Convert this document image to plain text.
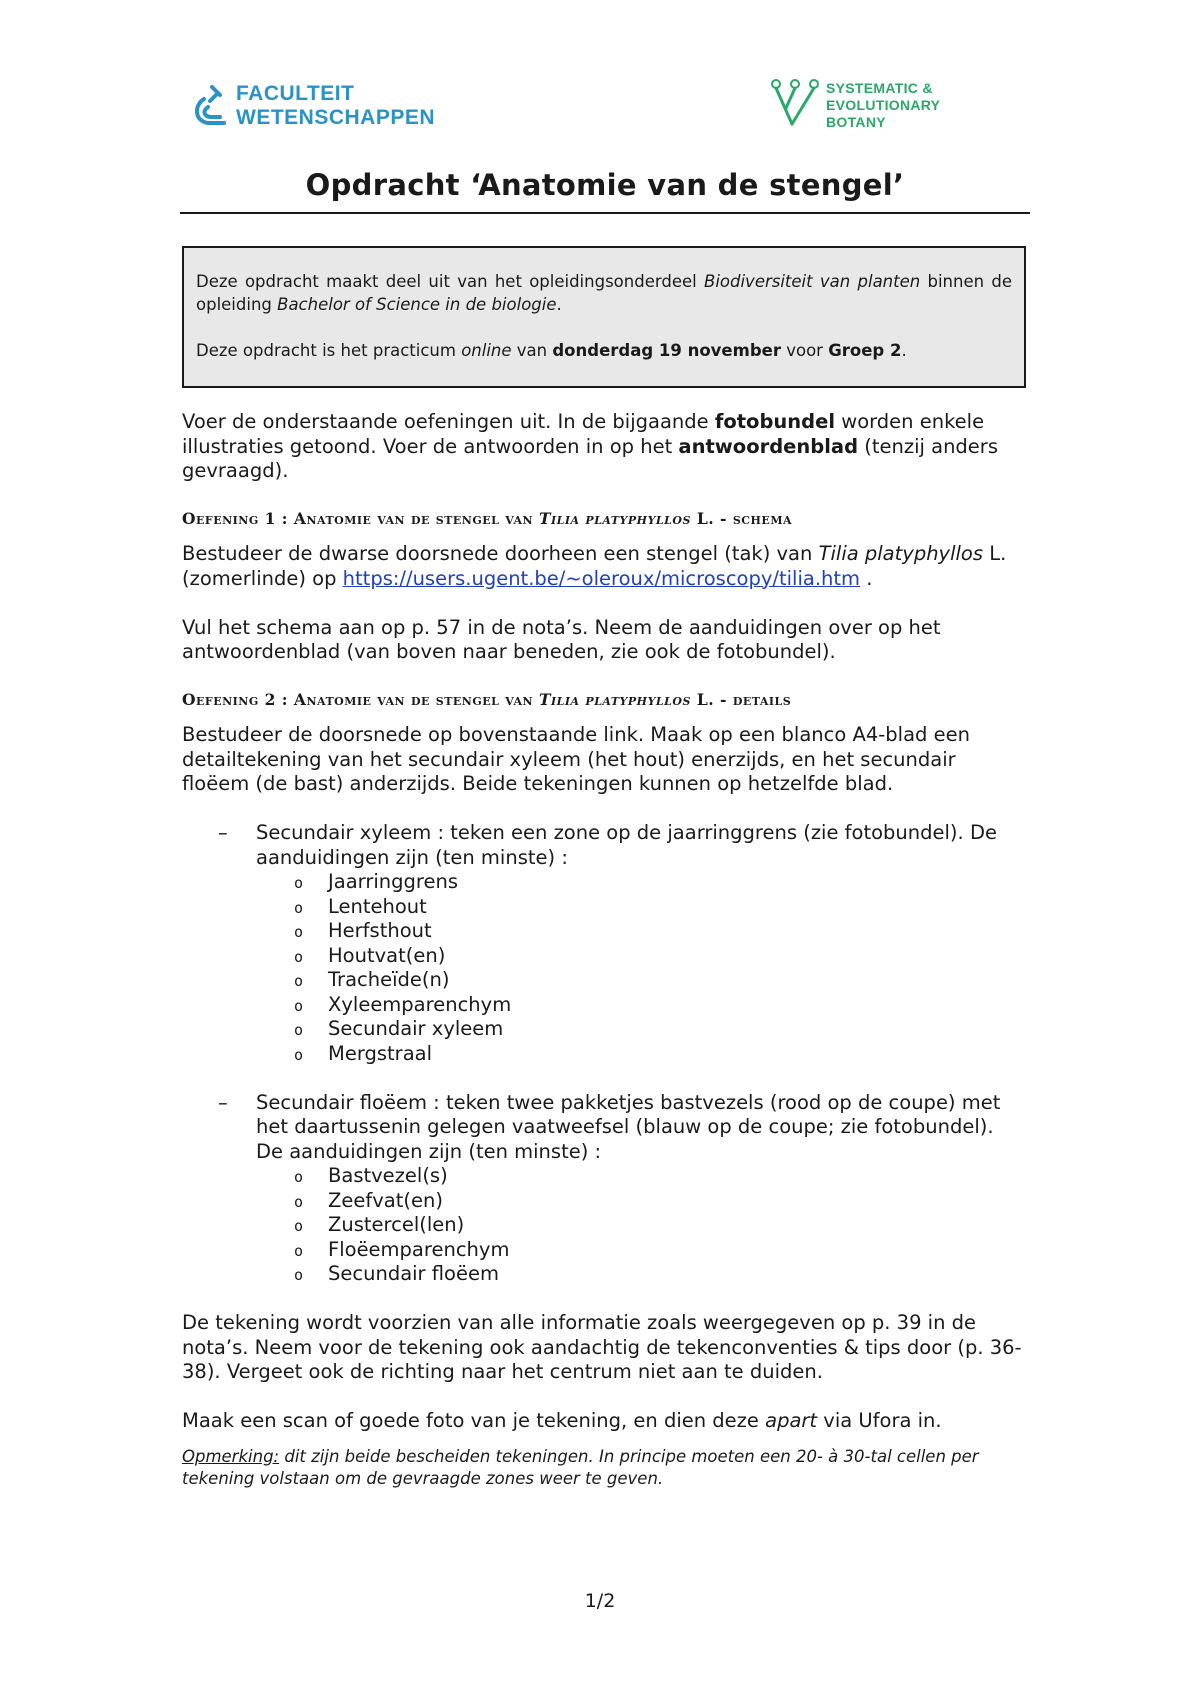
FACULTEIT
WETENSCHAPPEN
SYSTEMATIC &
EVOLUTIONARY
BOTANY
Opdracht ‘Anatomie van de stengel’

Deze opdracht maakt deel uit van het opleidingsonderdeel Biodiversiteit van planten binnen de opleiding Bachelor of Science in de biologie.

Deze opdracht is het practicum online van donderdag 19 november voor Groep 2.

Voer de onderstaande oefeningen uit. In de bijgaande fotobundel worden enkele illustraties getoond. Voer de antwoorden in op het antwoordenblad (tenzij anders gevraagd).

Oefening 1 : Anatomie van de stengel van Tilia platyphyllos L. - schema

Bestudeer de dwarse doorsnede doorheen een stengel (tak) van Tilia platyphyllos L. (zomerlinde) op https://users.ugent.be/~oleroux/microscopy/tilia.htm .

Vul het schema aan op p. 57 in de nota’s. Neem de aanduidingen over op het antwoordenblad (van boven naar beneden, zie ook de fotobundel).

Oefening 2 : Anatomie van de stengel van Tilia platyphyllos L. - details

Bestudeer de doorsnede op bovenstaande link. Maak op een blanco A4-blad een detailtekening van het secundair xyleem (het hout) enerzijds, en het secundair floëem (de bast) anderzijds. Beide tekeningen kunnen op hetzelfde blad.

– Secundair xyleem : teken een zone op de jaarringgrens (zie fotobundel). De aanduidingen zijn (ten minste) :
o Jaarringgrens
o Lentehout
o Herfsthout
o Houtvat(en)
o Tracheïde(n)
o Xyleemparenchym
o Secundair xyleem
o Mergstraal
– Secundair floëem : teken twee pakketjes bastvezels (rood op de coupe) met het daartussenin gelegen vaatweefsel (blauw op de coupe; zie fotobundel). De aanduidingen zijn (ten minste) :
o Bastvezel(s)
o Zeefvat(en)
o Zustercel(len)
o Floëemparenchym
o Secundair floëem

De tekening wordt voorzien van alle informatie zoals weergegeven op p. 39 in de nota’s. Neem voor de tekening ook aandachtig de tekenconventies & tips door (p. 36-38). Vergeet ook de richting naar het centrum niet aan te duiden.

Maak een scan of goede foto van je tekening, en dien deze apart via Ufora in.

Opmerking: dit zijn beide bescheiden tekeningen. In principe moeten een 20- à 30-tal cellen per tekening volstaan om de gevraagde zones weer te geven.

1/2
